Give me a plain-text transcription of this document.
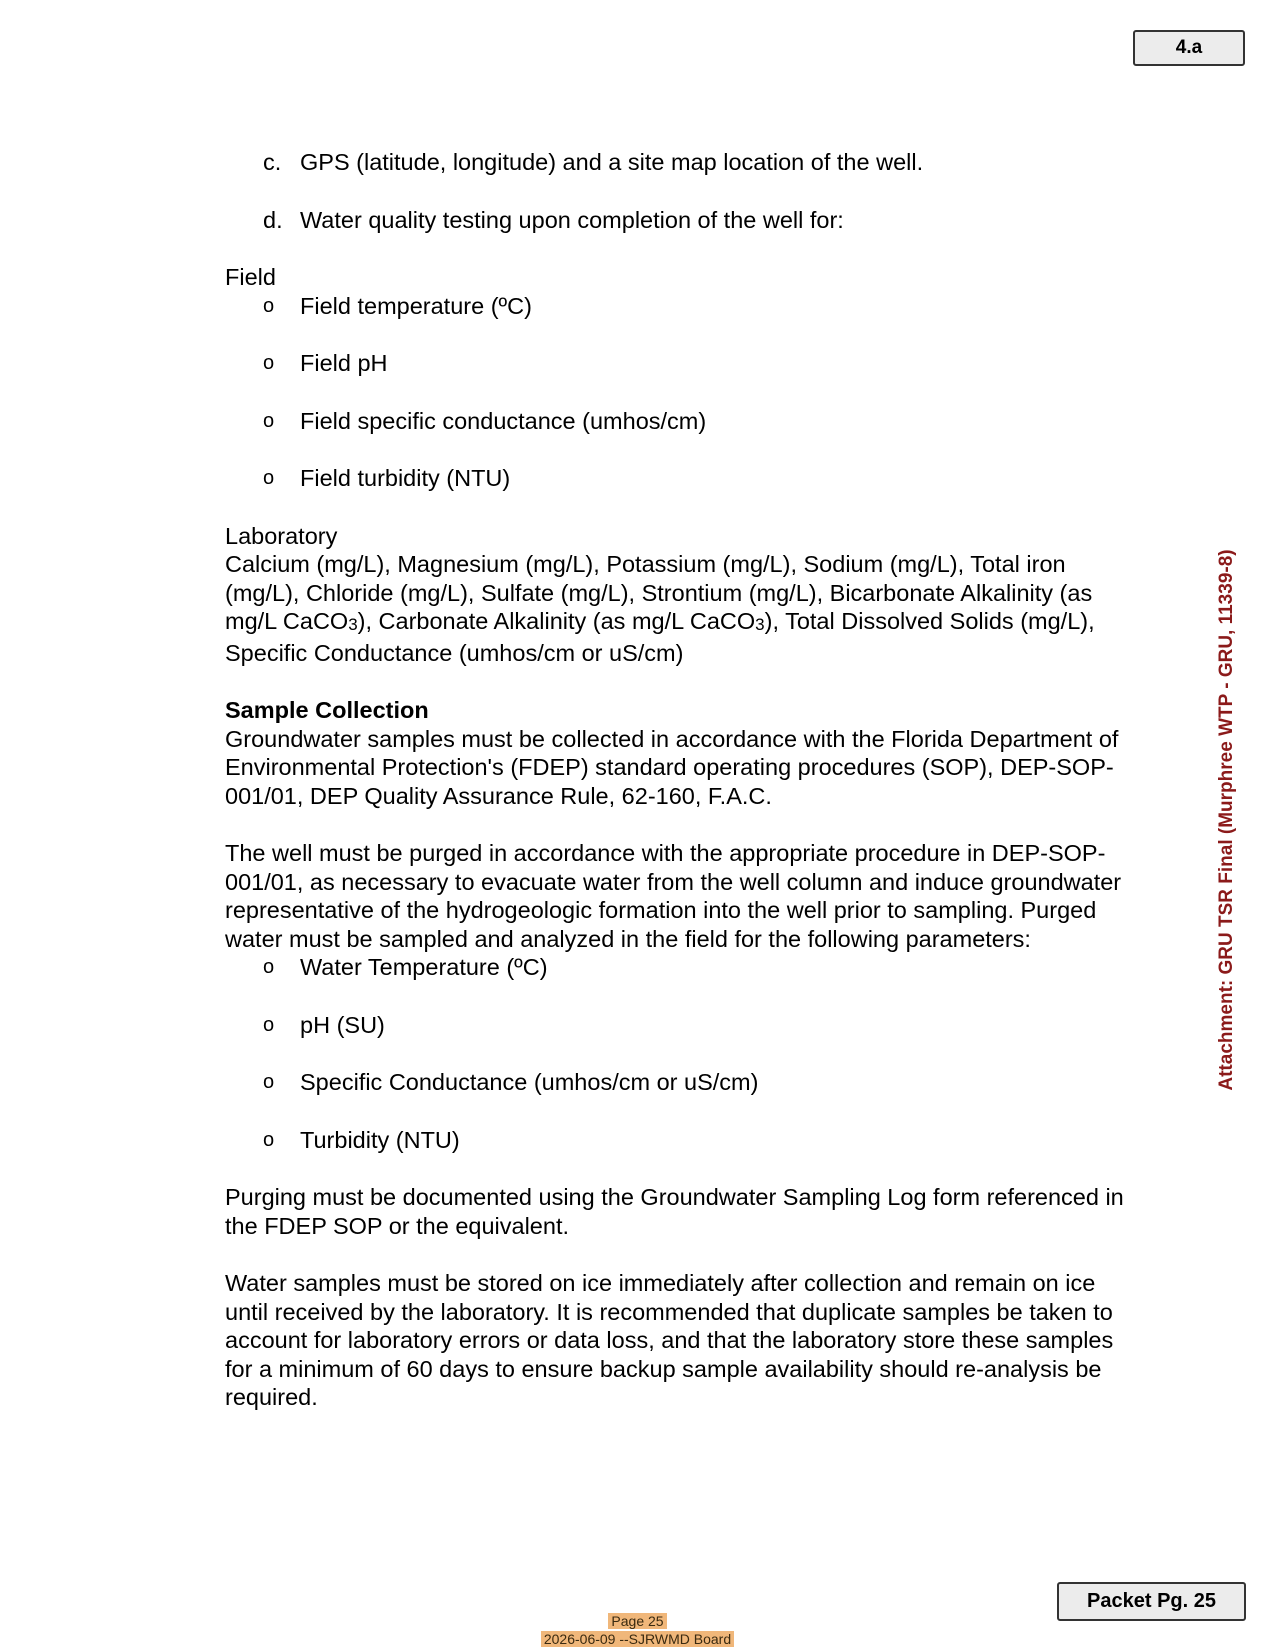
4.a
Attachment: GRU TSR Final (Murphree WTP - GRU, 11339-8)
c. GPS (latitude, longitude) and a site map location of the well.
d. Water quality testing upon completion of the well for:

Field

o	Field temperature (ºC)
o	Field pH
o	Field specific conductance (umhos/cm)
o	Field turbidity (NTU)

Laboratory

Calcium (mg/L), Magnesium (mg/L), Potassium (mg/L), Sodium (mg/L), Total iron (mg/L), Chloride (mg/L), Sulfate (mg/L), Strontium (mg/L), Bicarbonate Alkalinity (as mg/L CaCO$_3$), Carbonate Alkalinity (as mg/L CaCO$_3$), Total Dissolved Solids (mg/L), Specific Conductance (umhos/cm or uS/cm)

Sample Collection

Groundwater samples must be collected in accordance with the Florida Department of Environmental Protection's (FDEP) standard operating procedures (SOP), DEP-SOP-001/01, DEP Quality Assurance Rule, 62-160, F.A.C.

The well must be purged in accordance with the appropriate procedure in DEP-SOP-001/01, as necessary to evacuate water from the well column and induce groundwater representative of the hydrogeologic formation into the well prior to sampling. Purged water must be sampled and analyzed in the field for the following parameters:

o	Water Temperature (ºC)
o	pH (SU)
o	Specific Conductance (umhos/cm or uS/cm)
o	Turbidity (NTU)

Purging must be documented using the Groundwater Sampling Log form referenced in the FDEP SOP or the equivalent.

Water samples must be stored on ice immediately after collection and remain on ice until received by the laboratory. It is recommended that duplicate samples be taken to account for laboratory errors or data loss, and that the laboratory store these samples for a minimum of 60 days to ensure backup sample availability should re-analysis be required.

Packet Pg. 25
Page 25
2026-06-09 --SJRWMD Board
